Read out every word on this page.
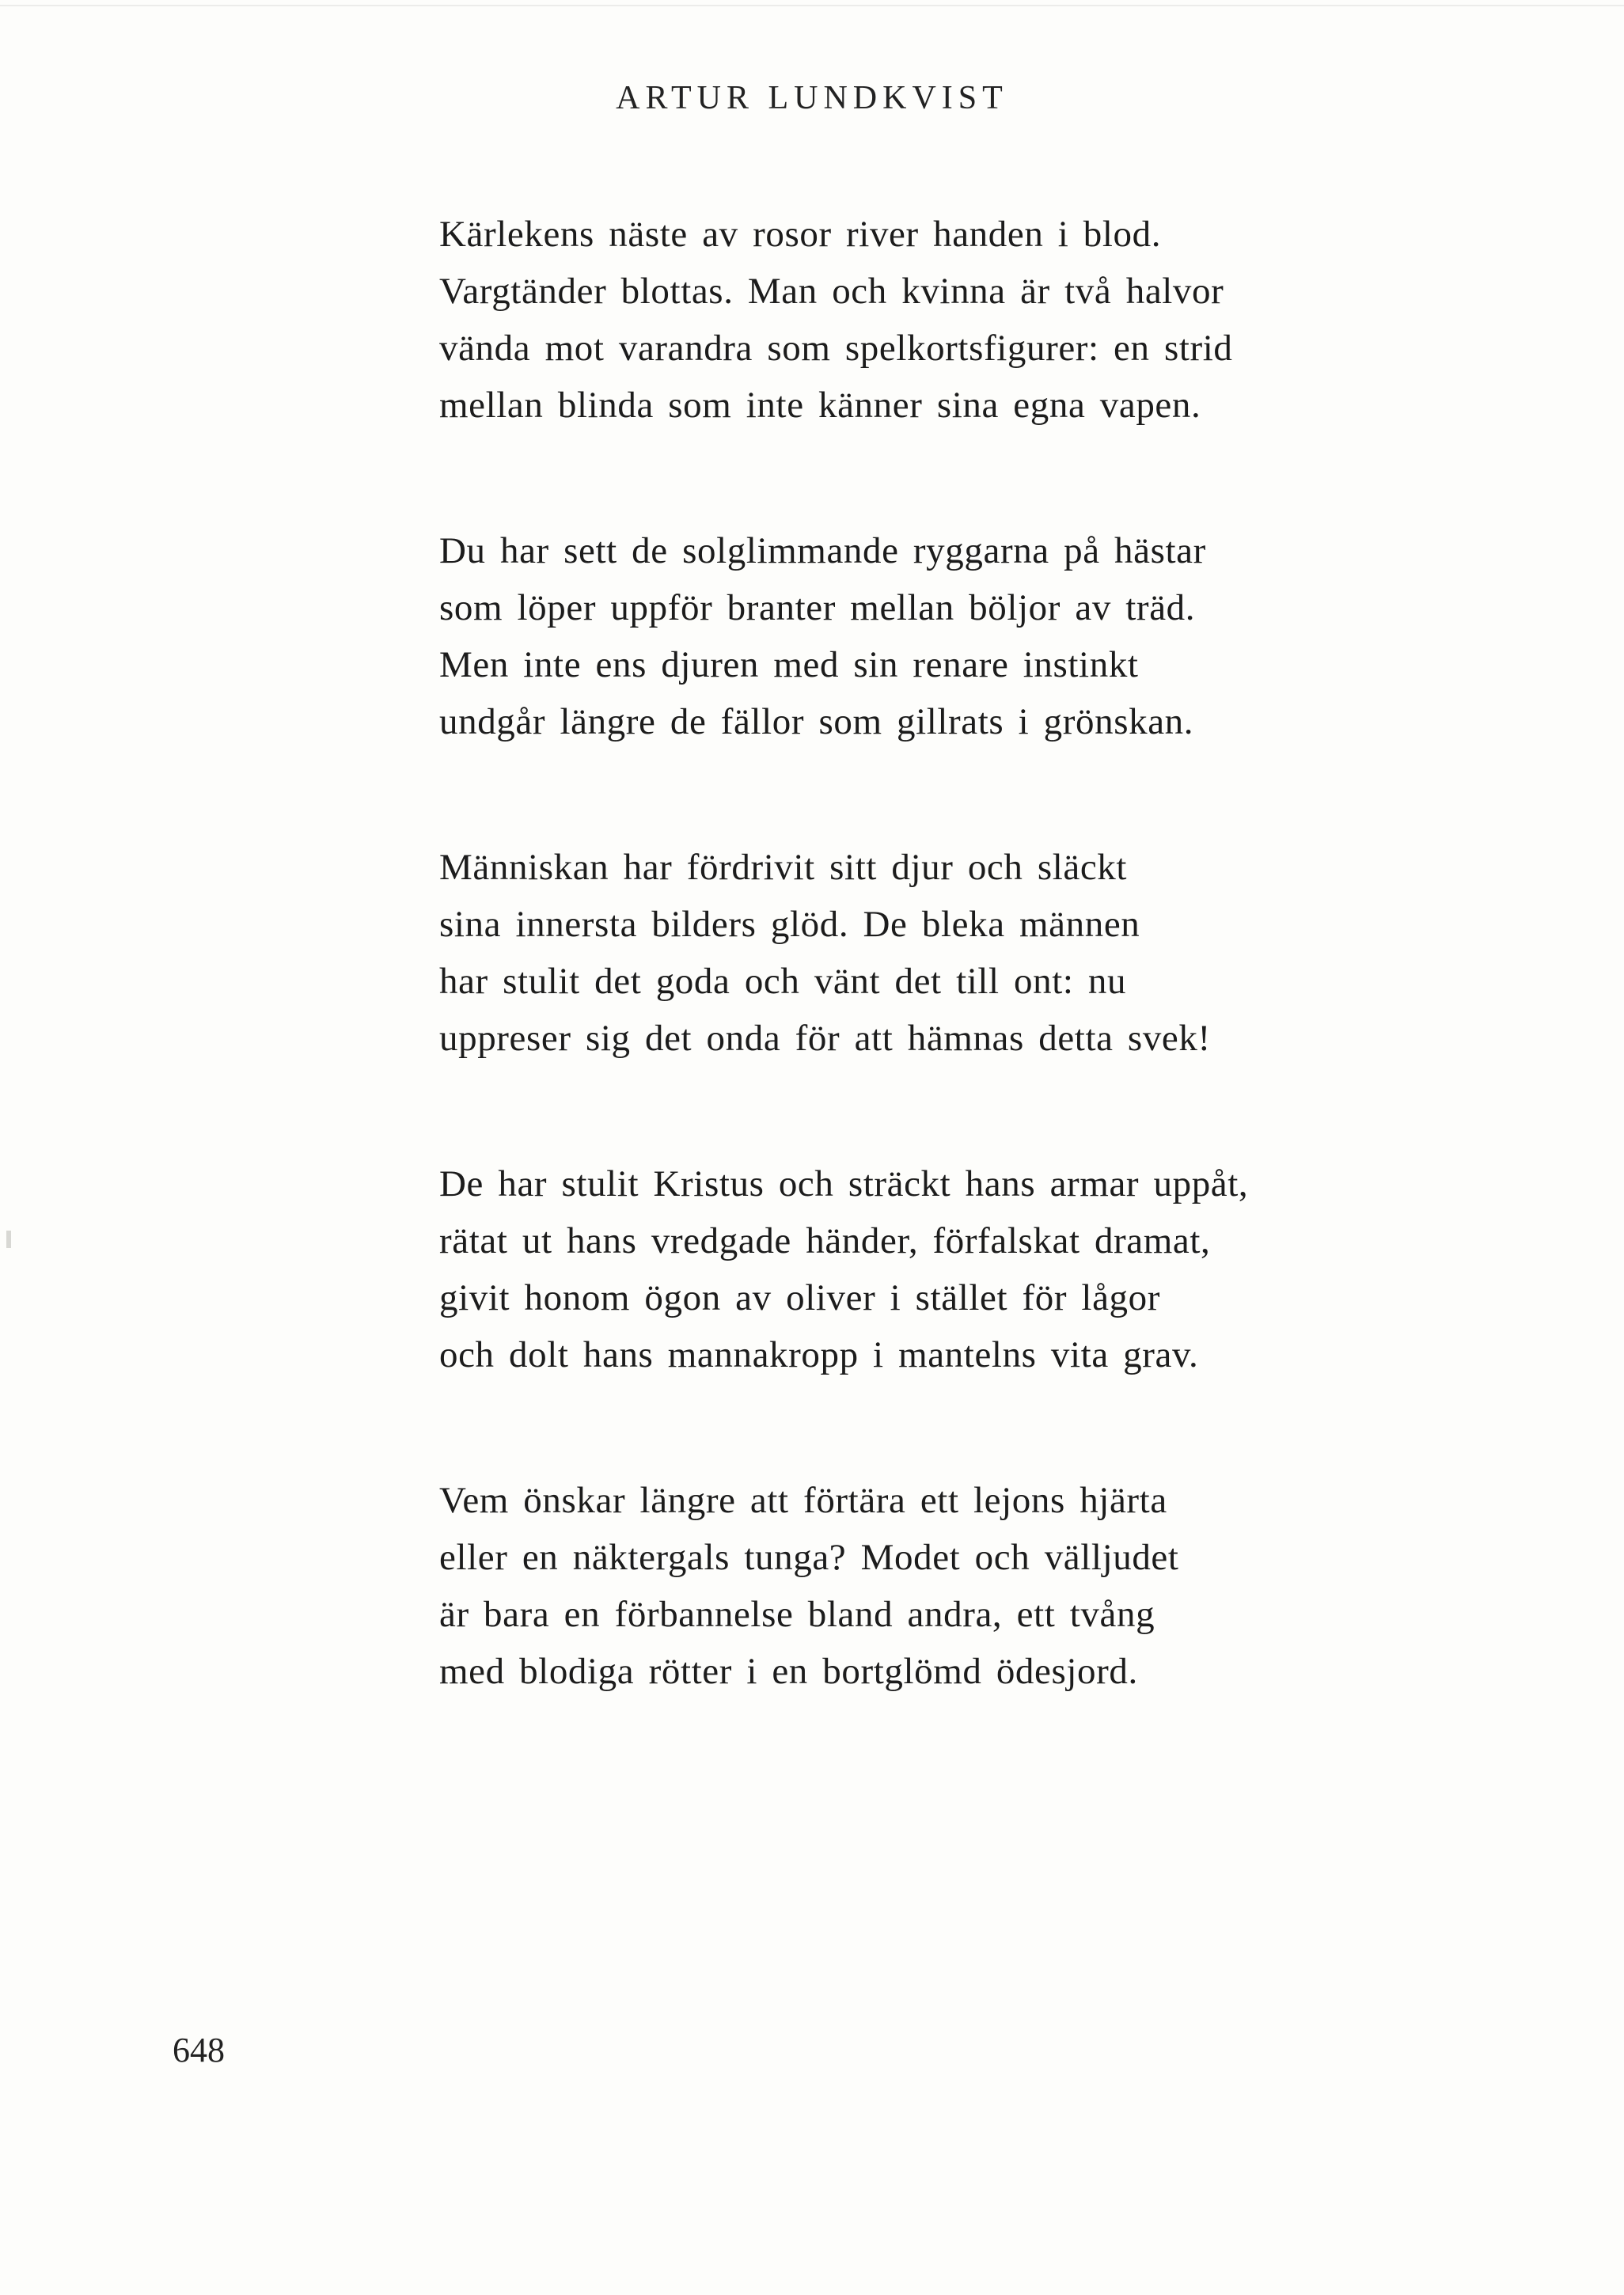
ARTUR LUNDKVIST
Kärlekens näste av rosor river handen i blod.
Vargtänder blottas. Man och kvinna är två halvor
vända mot varandra som spelkortsfigurer: en strid
mellan blinda som inte känner sina egna vapen.
Du har sett de solglimmande ryggarna på hästar
som löper uppför branter mellan böljor av träd.
Men inte ens djuren med sin renare instinkt
undgår längre de fällor som gillrats i grönskan.
Människan har fördrivit sitt djur och släckt
sina innersta bilders glöd. De bleka männen
har stulit det goda och vänt det till ont: nu
uppreser sig det onda för att hämnas detta svek!
De har stulit Kristus och sträckt hans armar uppåt,
rätat ut hans vredgade händer, förfalskat dramat,
givit honom ögon av oliver i stället för lågor
och dolt hans mannakropp i mantelns vita grav.
Vem önskar längre att förtära ett lejons hjärta
eller en näktergals tunga? Modet och välljudet
är bara en förbannelse bland andra, ett tvång
med blodiga rötter i en bortglömd ödesjord.
648
